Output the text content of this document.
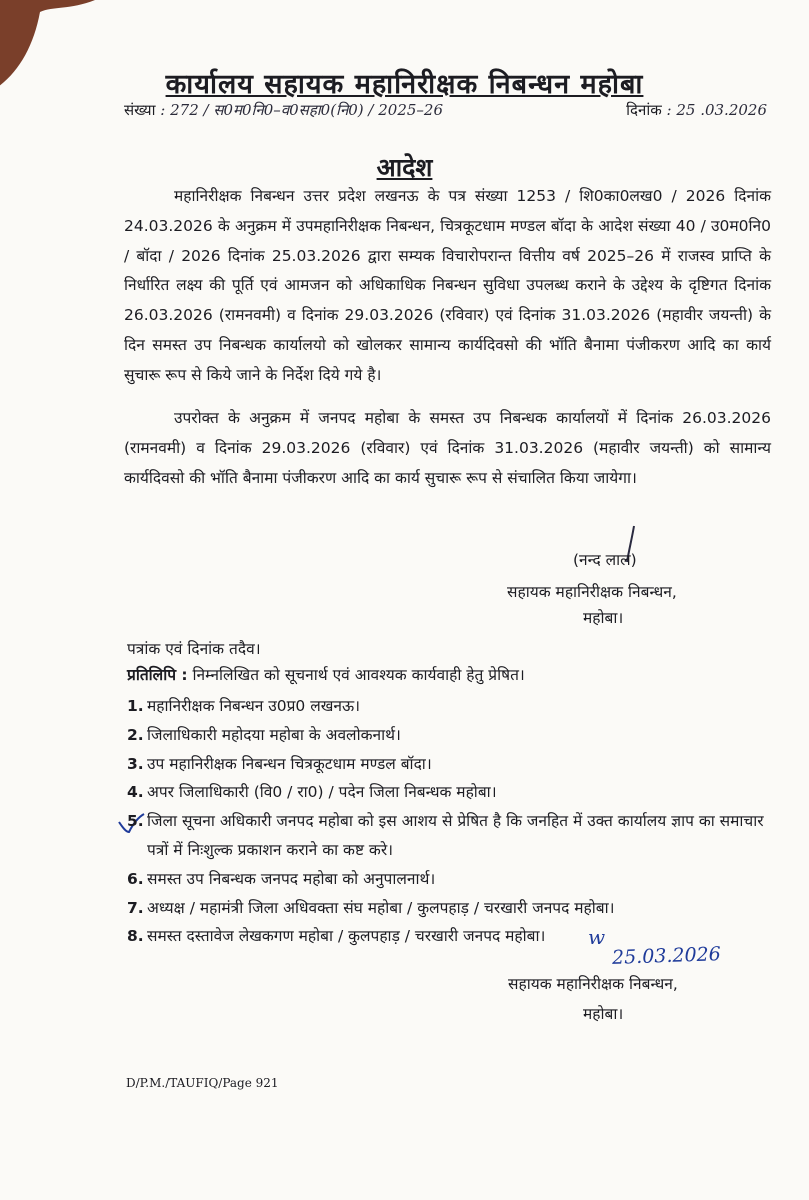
कार्यालय सहायक महानिरीक्षक निबन्धन महोबा
संख्या : 272 / स0म0नि0–व0सहा0(नि0) / 2025–26	दिनांक : 25 .03.2026
आदेश

महानिरीक्षक निबन्धन उत्तर प्रदेश लखनऊ के पत्र संख्या 1253 / शि0का0लख0 / 2026 दिनांक 24.03.2026 के अनुक्रम में उपमहानिरीक्षक निबन्धन, चित्रकूटधाम मण्डल बॉदा के आदेश संख्या 40 / उ0म0नि0 / बॉदा / 2026 दिनांक 25.03.2026 द्वारा सम्यक विचारोपरान्त वित्तीय वर्ष 2025–26 में राजस्व प्राप्ति के निर्धारित लक्ष्य की पूर्ति एवं आमजन को अधिकाधिक निबन्धन सुविधा उपलब्ध कराने के उद्देश्य के दृष्टिगत दिनांक 26.03.2026 (रामनवमी) व दिनांक 29.03.2026 (रविवार) एवं दिनांक 31.03.2026 (महावीर जयन्ती) के दिन समस्त उप निबन्धक कार्यालयो को खोलकर सामान्य कार्यदिवसो की भॉति बैनामा पंजीकरण आदि का कार्य सुचारू रूप से किये जाने के निर्देश दिये गये है।

उपरोक्त के अनुक्रम में जनपद महोबा के समस्त उप निबन्धक कार्यालयों में दिनांक 26.03.2026 (रामनवमी) व दिनांक 29.03.2026 (रविवार) एवं दिनांक 31.03.2026 (महावीर जयन्ती) को सामान्य कार्यदिवसो की भॉति बैनामा पंजीकरण आदि का कार्य सुचारू रूप से संचालित किया जायेगा।

(नन्द लाल)
सहायक महानिरीक्षक निबन्धन,
महोबा।
पत्रांक एवं दिनांक तदैव।
प्रतिलिपि : निम्नलिखित को सूचनार्थ एवं आवश्यक कार्यवाही हेतु प्रेषित।
1. महानिरीक्षक निबन्धन उ0प्र0 लखनऊ।
2. जिलाधिकारी महोदया महोबा के अवलोकनार्थ।
3. उप महानिरीक्षक निबन्धन चित्रकूटधाम मण्डल बॉदा।
4. अपर जिलाधिकारी (वि0 / रा0) / पदेन जिला निबन्धक महोबा।
5. जिला सूचना अधिकारी जनपद महोबा को इस आशय से प्रेषित है कि जनहित में उक्त कार्यालय ज्ञाप का समाचार पत्रों में निःशुल्क प्रकाशन कराने का कष्ट करे।
6. समस्त उप निबन्धक जनपद महोबा को अनुपालनार्थ।
7. अध्यक्ष / महामंत्री जिला अधिवक्ता संघ महोबा / कुलपहाड़ / चरखारी जनपद महोबा।
8. समस्त दस्तावेज लेखकगण महोबा / कुलपहाड़ / चरखारी जनपद महोबा।	w
25.03.2026
सहायक महानिरीक्षक निबन्धन,
महोबा।
D/P.M./TAUFIQ/Page 921
